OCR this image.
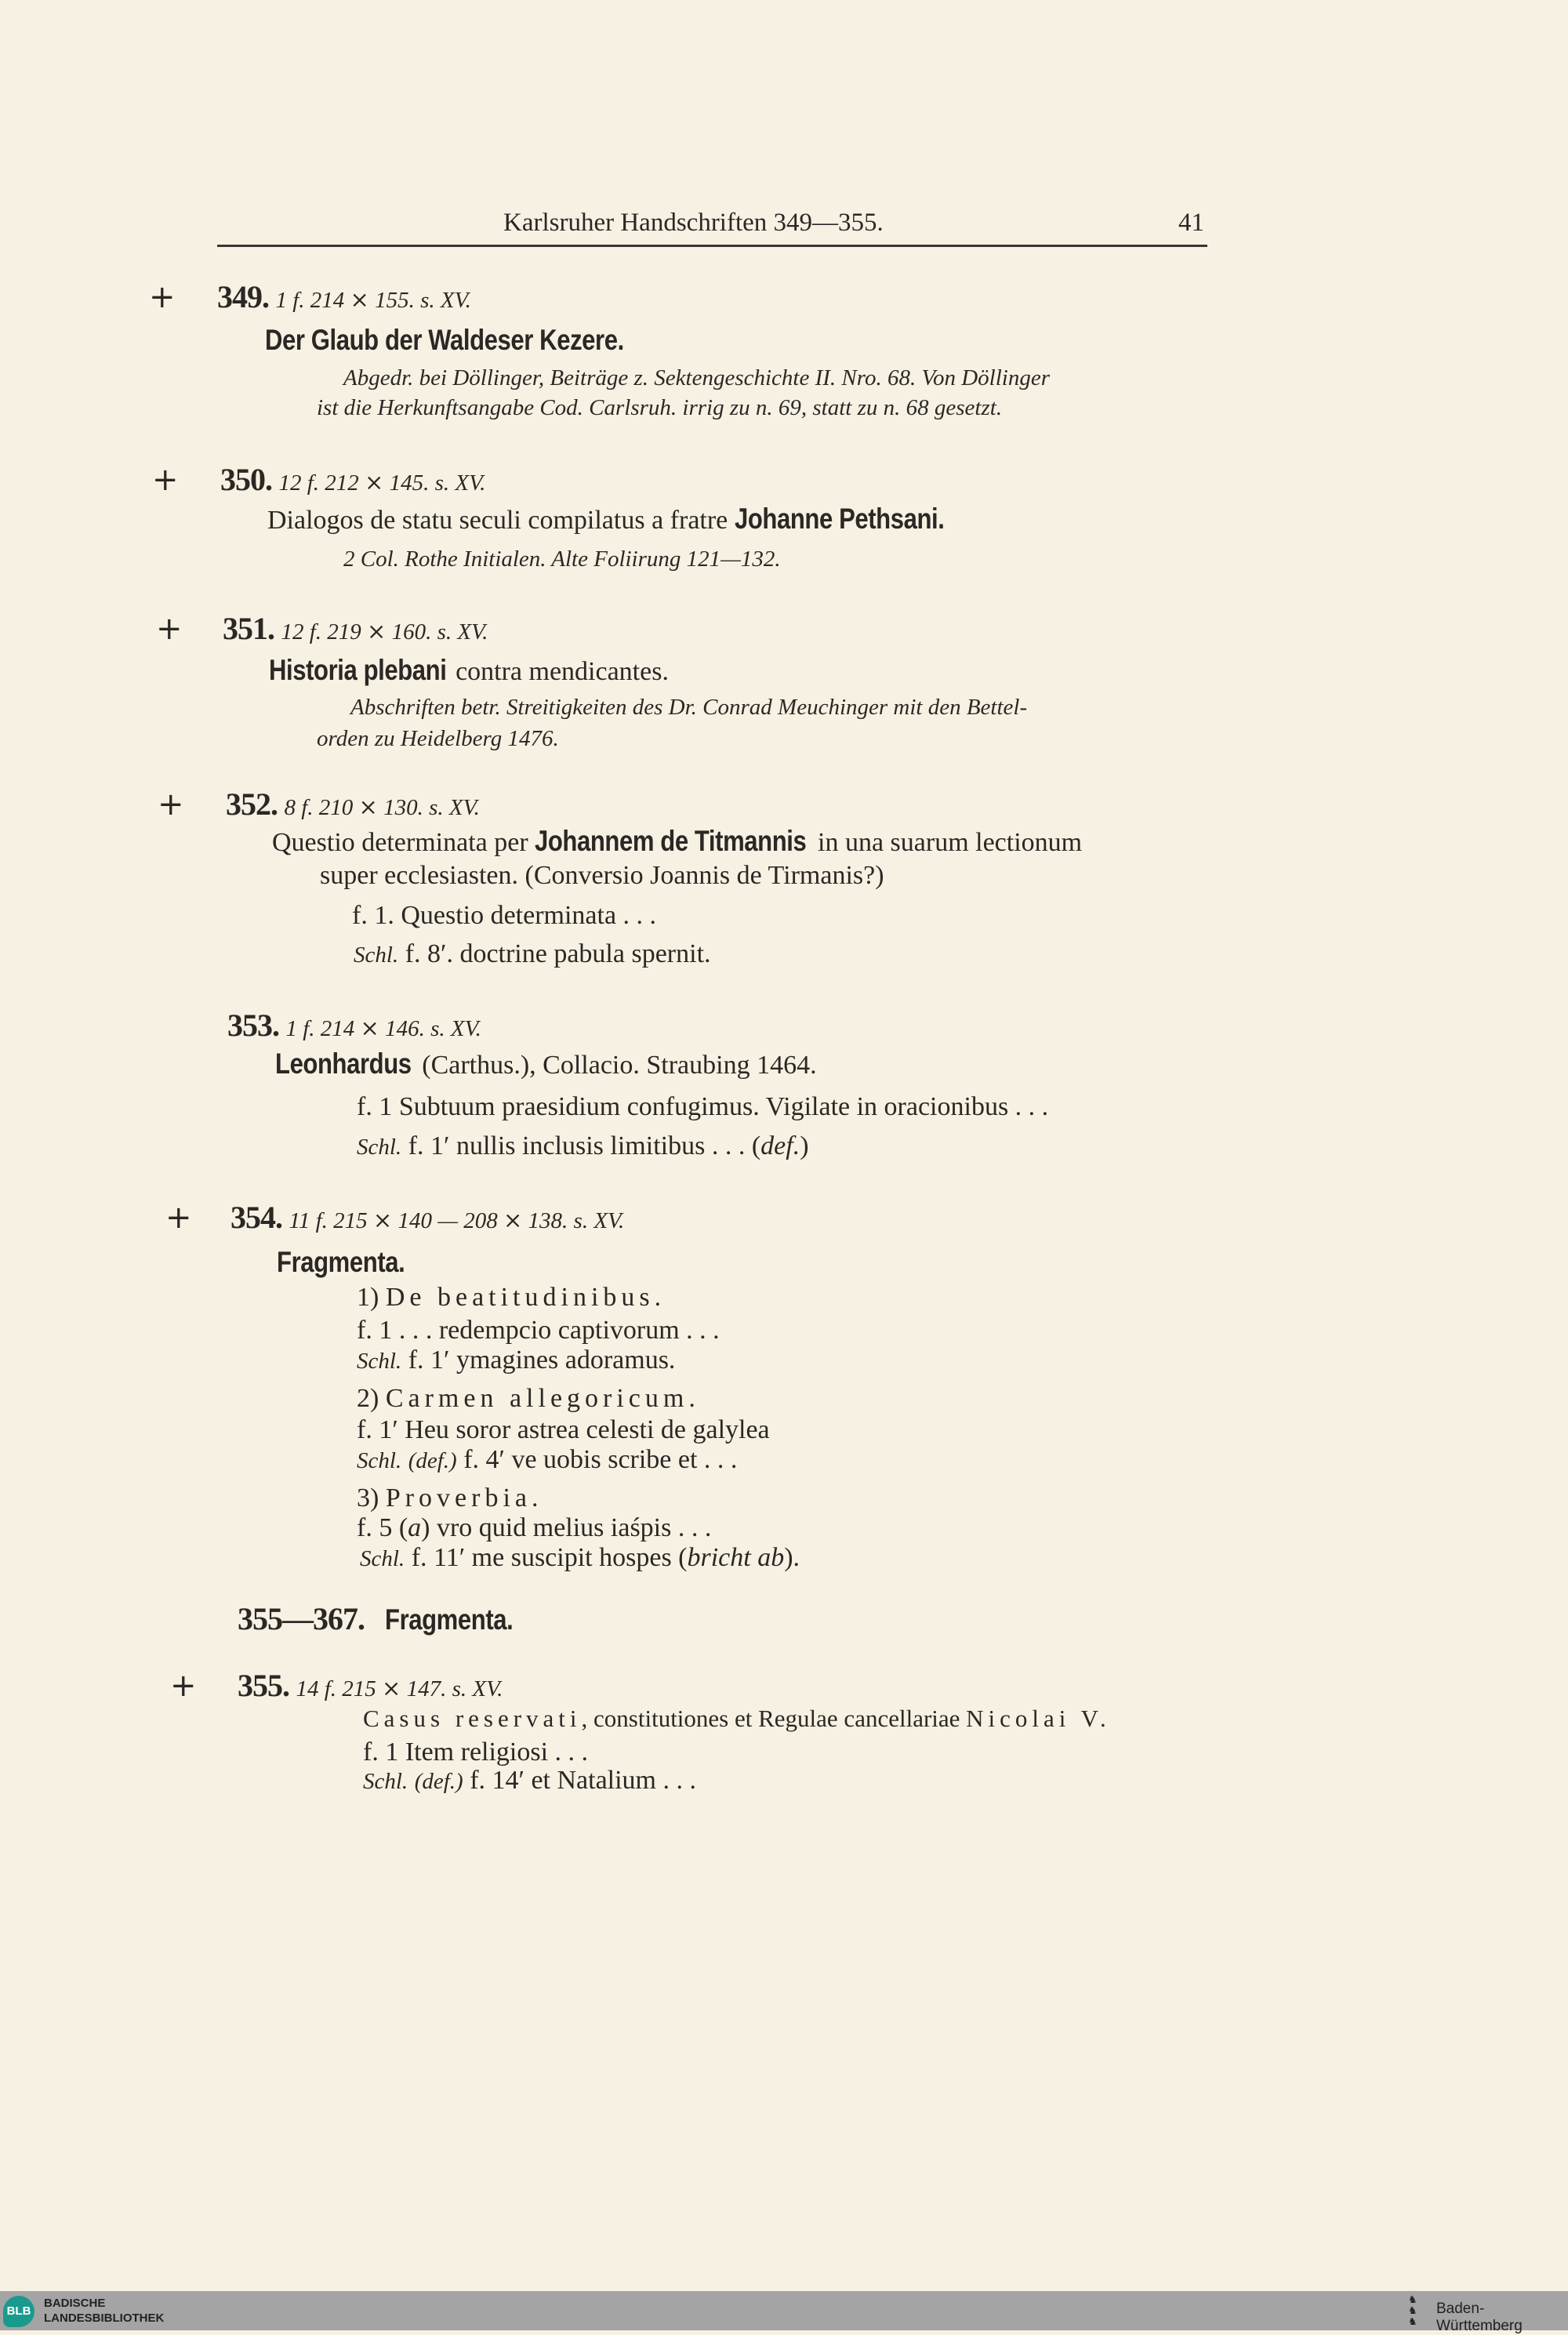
Karlsruher Handschriften 349—355.	41
+ 349. 1 f. 214 ⨯ 155. s. XV.
Der Glaub der Waldeser Kezere.
Abgedr. bei Döllinger, Beiträge z. Sektengeschichte II. Nro. 68. Von Döllinger
ist die Herkunftsangabe Cod. Carlsruh. irrig zu n. 69, statt zu n. 68 gesetzt.
+ 350. 12 f. 212 ⨯ 145. s. XV.
Dialogos de statu seculi compilatus a fratre Johanne Pethsani.
2 Col. Rothe Initialen. Alte Foliirung 121—132.
+ 351. 12 f. 219 ⨯ 160. s. XV.
Historia plebani contra mendicantes.
Abschriften betr. Streitigkeiten des Dr. Conrad Meuchinger mit den Bettel-
orden zu Heidelberg 1476.
+ 352. 8 f. 210 ⨯ 130. s. XV.
Questio determinata per Johannem de Titmannis in una suarum lectionum
super ecclesiasten. (Conversio Joannis de Tirmanis?)
f. 1. Questio determinata . . .
Schl. f. 8′. doctrine pabula spernit.
353. 1 f. 214 ⨯ 146. s. XV.
Leonhardus (Carthus.), Collacio. Straubing 1464.
f. 1 Subtuum praesidium confugimus. Vigilate in oracionibus . . .
Schl. f. 1′ nullis inclusis limitibus . . . (def.)
+ 354. 11 f. 215 ⨯ 140 — 208 ⨯ 138. s. XV.
Fragmenta.
1) De beatitudinibus.
f. 1 . . . redempcio captivorum . . .
Schl. f. 1′ ymagines adoramus.
2) Carmen allegoricum.
f. 1′ Heu soror astrea celesti de galylea
Schl. (def.) f. 4′ ve uobis scribe et . . .
3) Proverbia.
f. 5 (a) vro quid melius iaśpis . . .
Schl. f. 11′ me suscipit hospes (bricht ab).
355—367. Fragmenta.
+ 355. 14 f. 215 ⨯ 147. s. XV.
Casus reservati, constitutiones et Regulae cancellariae Nicolai V.
f. 1 Item religiosi . . .
Schl. (def.) f. 14′ et Natalium . . .
BLB
BADISCHE
LANDESBIBLIOTHEK
♞
♞
♞
Baden-Württemberg
